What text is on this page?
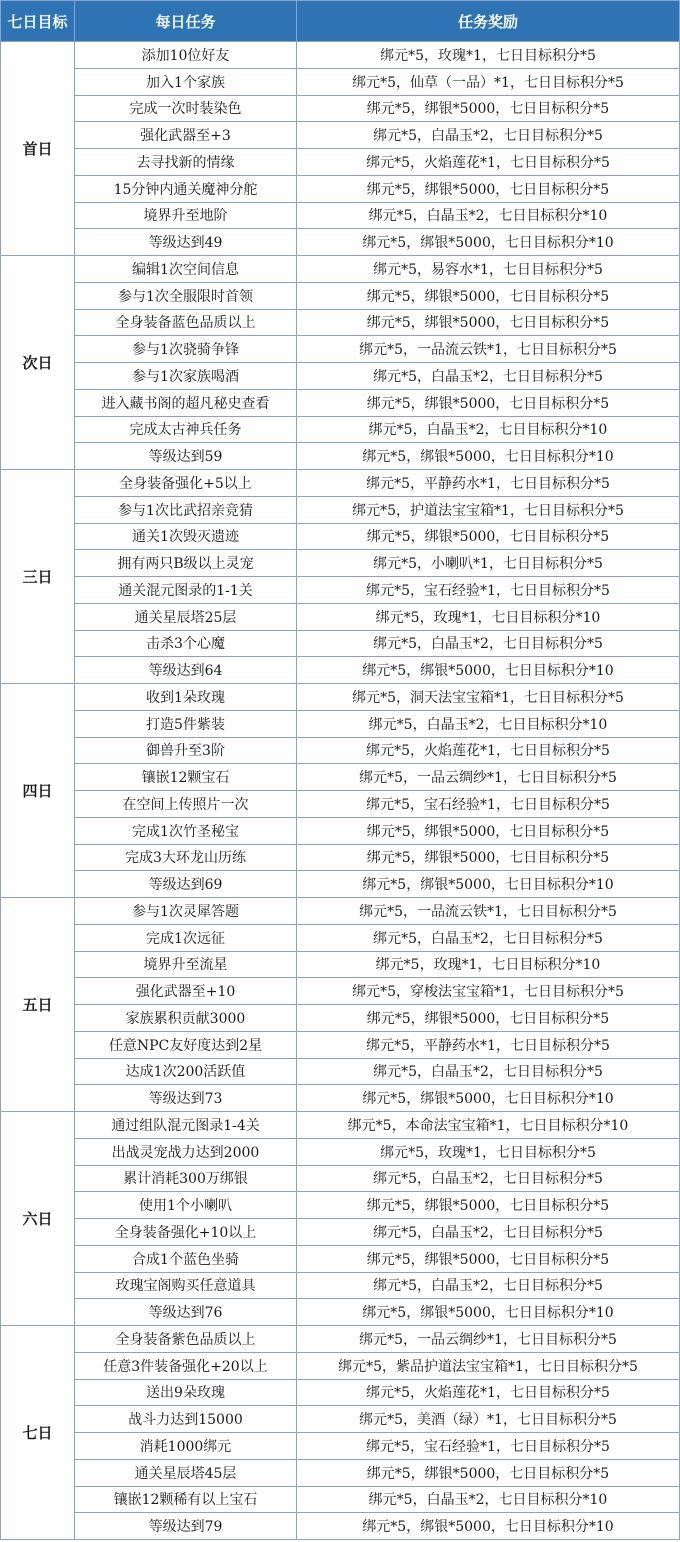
七日目标	每日任务	任务奖励
首日	添加10位好友	绑元*5，玫瑰*1，七日目标积分*5
	加入1个家族	绑元*5，仙草（一品）*1，七日目标积分*5
	完成一次时装染色	绑元*5，绑银*5000，七日目标积分*5
	强化武器至+3	绑元*5，白晶玉*2，七日目标积分*5
	去寻找新的情缘	绑元*5，火焰莲花*1，七日目标积分*5
	15分钟内通关魔神分舵	绑元*5，绑银*5000，七日目标积分*5
	境界升至地阶	绑元*5，白晶玉*2，七日目标积分*10
	等级达到49	绑元*5，绑银*5000，七日目标积分*10
次日	编辑1次空间信息	绑元*5，易容水*1，七日目标积分*5
	参与1次全服限时首领	绑元*5，绑银*5000，七日目标积分*5
	全身装备蓝色品质以上	绑元*5，绑银*5000，七日目标积分*5
	参与1次骁骑争锋	绑元*5，一品流云铁*1，七日目标积分*5
	参与1次家族喝酒	绑元*5，白晶玉*2，七日目标积分*5
	进入藏书阁的超凡秘史查看	绑元*5，绑银*5000，七日目标积分*5
	完成太古神兵任务	绑元*5，白晶玉*2，七日目标积分*10
	等级达到59	绑元*5，绑银*5000，七日目标积分*10
三日	全身装备强化+5以上	绑元*5，平静药水*1，七日目标积分*5
	参与1次比武招亲竞猜	绑元*5，护道法宝宝箱*1，七日目标积分*5
	通关1次毁灭遗迹	绑元*5，绑银*5000，七日目标积分*5
	拥有两只B级以上灵宠	绑元*5，小喇叭*1，七日目标积分*5
	通关混元图录的1-1关	绑元*5，宝石经验*1，七日目标积分*5
	通关星辰塔25层	绑元*5，玫瑰*1，七日目标积分*10
	击杀3个心魔	绑元*5，白晶玉*2，七日目标积分*5
	等级达到64	绑元*5，绑银*5000，七日目标积分*10
四日	收到1朵玫瑰	绑元*5，洞天法宝宝箱*1，七日目标积分*5
	打造5件紫装	绑元*5，白晶玉*2，七日目标积分*10
	御兽升至3阶	绑元*5，火焰莲花*1，七日目标积分*5
	镶嵌12颗宝石	绑元*5，一品云绸纱*1，七日目标积分*5
	在空间上传照片一次	绑元*5，宝石经验*1，七日目标积分*5
	完成1次竹圣秘宝	绑元*5，绑银*5000，七日目标积分*5
	完成3大环龙山历练	绑元*5，绑银*5000，七日目标积分*5
	等级达到69	绑元*5，绑银*5000，七日目标积分*10
五日	参与1次灵犀答题	绑元*5，一品流云铁*1，七日目标积分*5
	完成1次远征	绑元*5，白晶玉*2，七日目标积分*5
	境界升至流星	绑元*5，玫瑰*1，七日目标积分*10
	强化武器至+10	绑元*5，穿梭法宝宝箱*1，七日目标积分*5
	家族累积贡献3000	绑元*5，绑银*5000，七日目标积分*5
	任意NPC友好度达到2星	绑元*5，平静药水*1，七日目标积分*5
	达成1次200活跃值	绑元*5，白晶玉*2，七日目标积分*5
	等级达到73	绑元*5，绑银*5000，七日目标积分*10
六日	通过组队混元图录1-4关	绑元*5，本命法宝宝箱*1，七日目标积分*10
	出战灵宠战力达到2000	绑元*5，玫瑰*1，七日目标积分*5
	累计消耗300万绑银	绑元*5，白晶玉*2，七日目标积分*5
	使用1个小喇叭	绑元*5，绑银*5000，七日目标积分*5
	全身装备强化+10以上	绑元*5，白晶玉*2，七日目标积分*5
	合成1个蓝色坐骑	绑元*5，绑银*5000，七日目标积分*5
	玫瑰宝阁购买任意道具	绑元*5，白晶玉*2，七日目标积分*5
	等级达到76	绑元*5，绑银*5000，七日目标积分*10
七日	全身装备紫色品质以上	绑元*5，一品云绸纱*1，七日目标积分*5
	任意3件装备强化+20以上	绑元*5，紫品护道法宝宝箱*1，七日目标积分*5
	送出9朵玫瑰	绑元*5，火焰莲花*1，七日目标积分*5
	战斗力达到15000	绑元*5，美酒（绿）*1，七日目标积分*5
	消耗1000绑元	绑元*5，宝石经验*1，七日目标积分*5
	通关星辰塔45层	绑元*5，绑银*5000，七日目标积分*5
	镶嵌12颗稀有以上宝石	绑元*5，白晶玉*2，七日目标积分*10
	等级达到79	绑元*5，绑银*5000，七日目标积分*10
